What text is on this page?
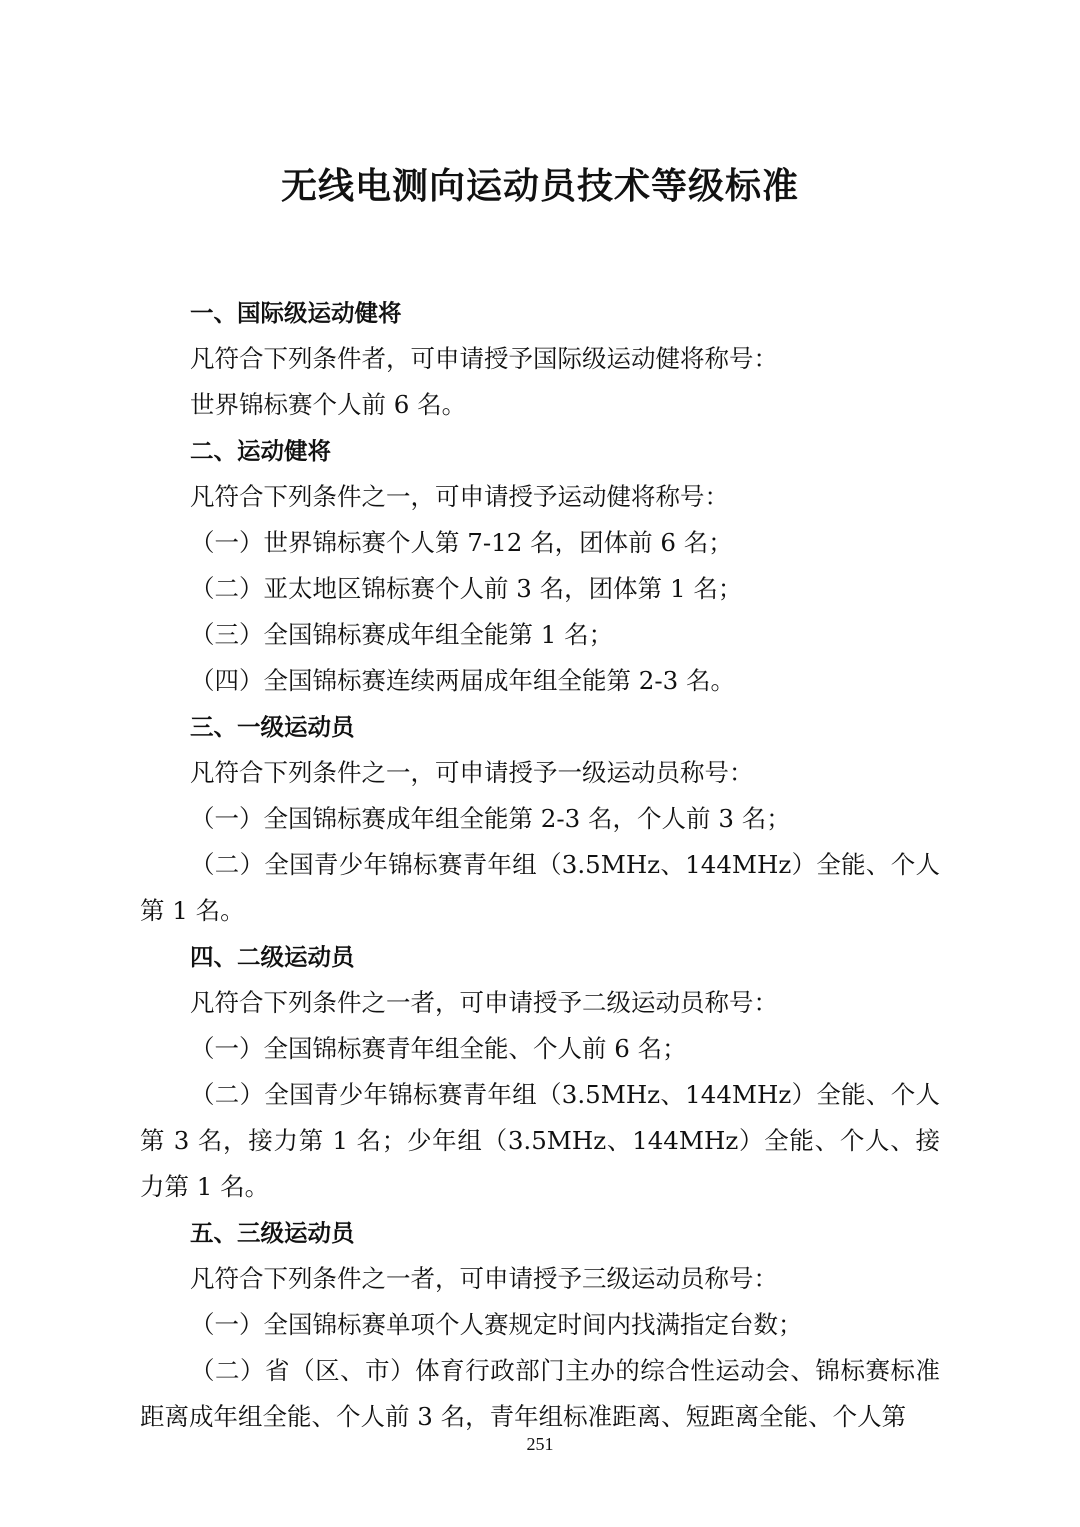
无线电测向运动员技术等级标准

一、国际级运动健将

凡符合下列条件者，可申请授予国际级运动健将称号：

世界锦标赛个人前 6 名。

二、运动健将

凡符合下列条件之一，可申请授予运动健将称号：

（一）世界锦标赛个人第 7-12 名，团体前 6 名；

（二）亚太地区锦标赛个人前 3 名，团体第 1 名；

（三）全国锦标赛成年组全能第 1 名；

（四）全国锦标赛连续两届成年组全能第 2-3 名。

三、一级运动员

凡符合下列条件之一，可申请授予一级运动员称号：

（一）全国锦标赛成年组全能第 2-3 名，个人前 3 名；

（二）全国青少年锦标赛青年组（3.5MHz、144MHz）全能、个人第 1 名。

四、二级运动员

凡符合下列条件之一者，可申请授予二级运动员称号：

（一）全国锦标赛青年组全能、个人前 6 名；

（二）全国青少年锦标赛青年组（3.5MHz、144MHz）全能、个人第 3 名，接力第 1 名；少年组（3.5MHz、144MHz）全能、个人、接力第 1 名。

五、三级运动员

凡符合下列条件之一者，可申请授予三级运动员称号：

（一）全国锦标赛单项个人赛规定时间内找满指定台数；

（二）省（区、市）体育行政部门主办的综合性运动会、锦标赛标准距离成年组全能、个人前 3 名，青年组标准距离、短距离全能、个人第

251
